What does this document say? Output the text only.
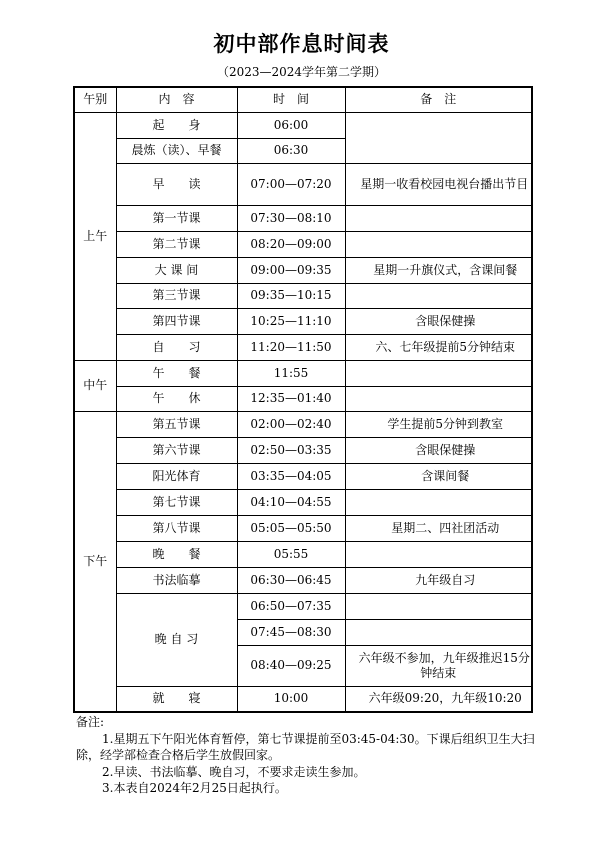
初中部作息时间表
（2023—2024学年第二学期）
午别	内　容	时　间	备　注
上午	起　　身	06:00	
	晨炼（读）、早餐	06:30	
	早　　读	07:00—07:20	星期一收看校园电视台播出节目

	第一节课	07:30—08:10	
	第二节课	08:20—09:00	
	大 课 间	09:00—09:35	星期一升旗仪式，含课间餐
	第三节课	09:35—10:15	
	第四节课	10:25—11:10	含眼保健操
	自　　习	11:20—11:50	六、七年级提前5分钟结束
中午	午　　餐	11:55	
	午　　休	12:35—01:40	
下午	第五节课	02:00—02:40	学生提前5分钟到教室
	第六节课	02:50—03:35	含眼保健操
	阳光体育	03:35—04:05	含课间餐
	第七节课	04:10—04:55	
	第八节课	05:05—05:50	星期二、四社团活动
	晚　　餐	05:55	
	书法临摹	06:30—06:45	九年级自习
	晚 自 习	06:50—07:35	
		07:45—08:30	
		08:40—09:25	六年级不参加，九年级推迟15分钟结束

	就　　寝	10:00	六年级09:20，九年级10:20

备注:

1.星期五下午阳光体育暂停，第七节课提前至03:45-04:30。下课后组织卫生大扫除，经学部检查合格后学生放假回家。

2.早读、书法临摹、晚自习，不要求走读生参加。

3.本表自2024年2月25日起执行。
